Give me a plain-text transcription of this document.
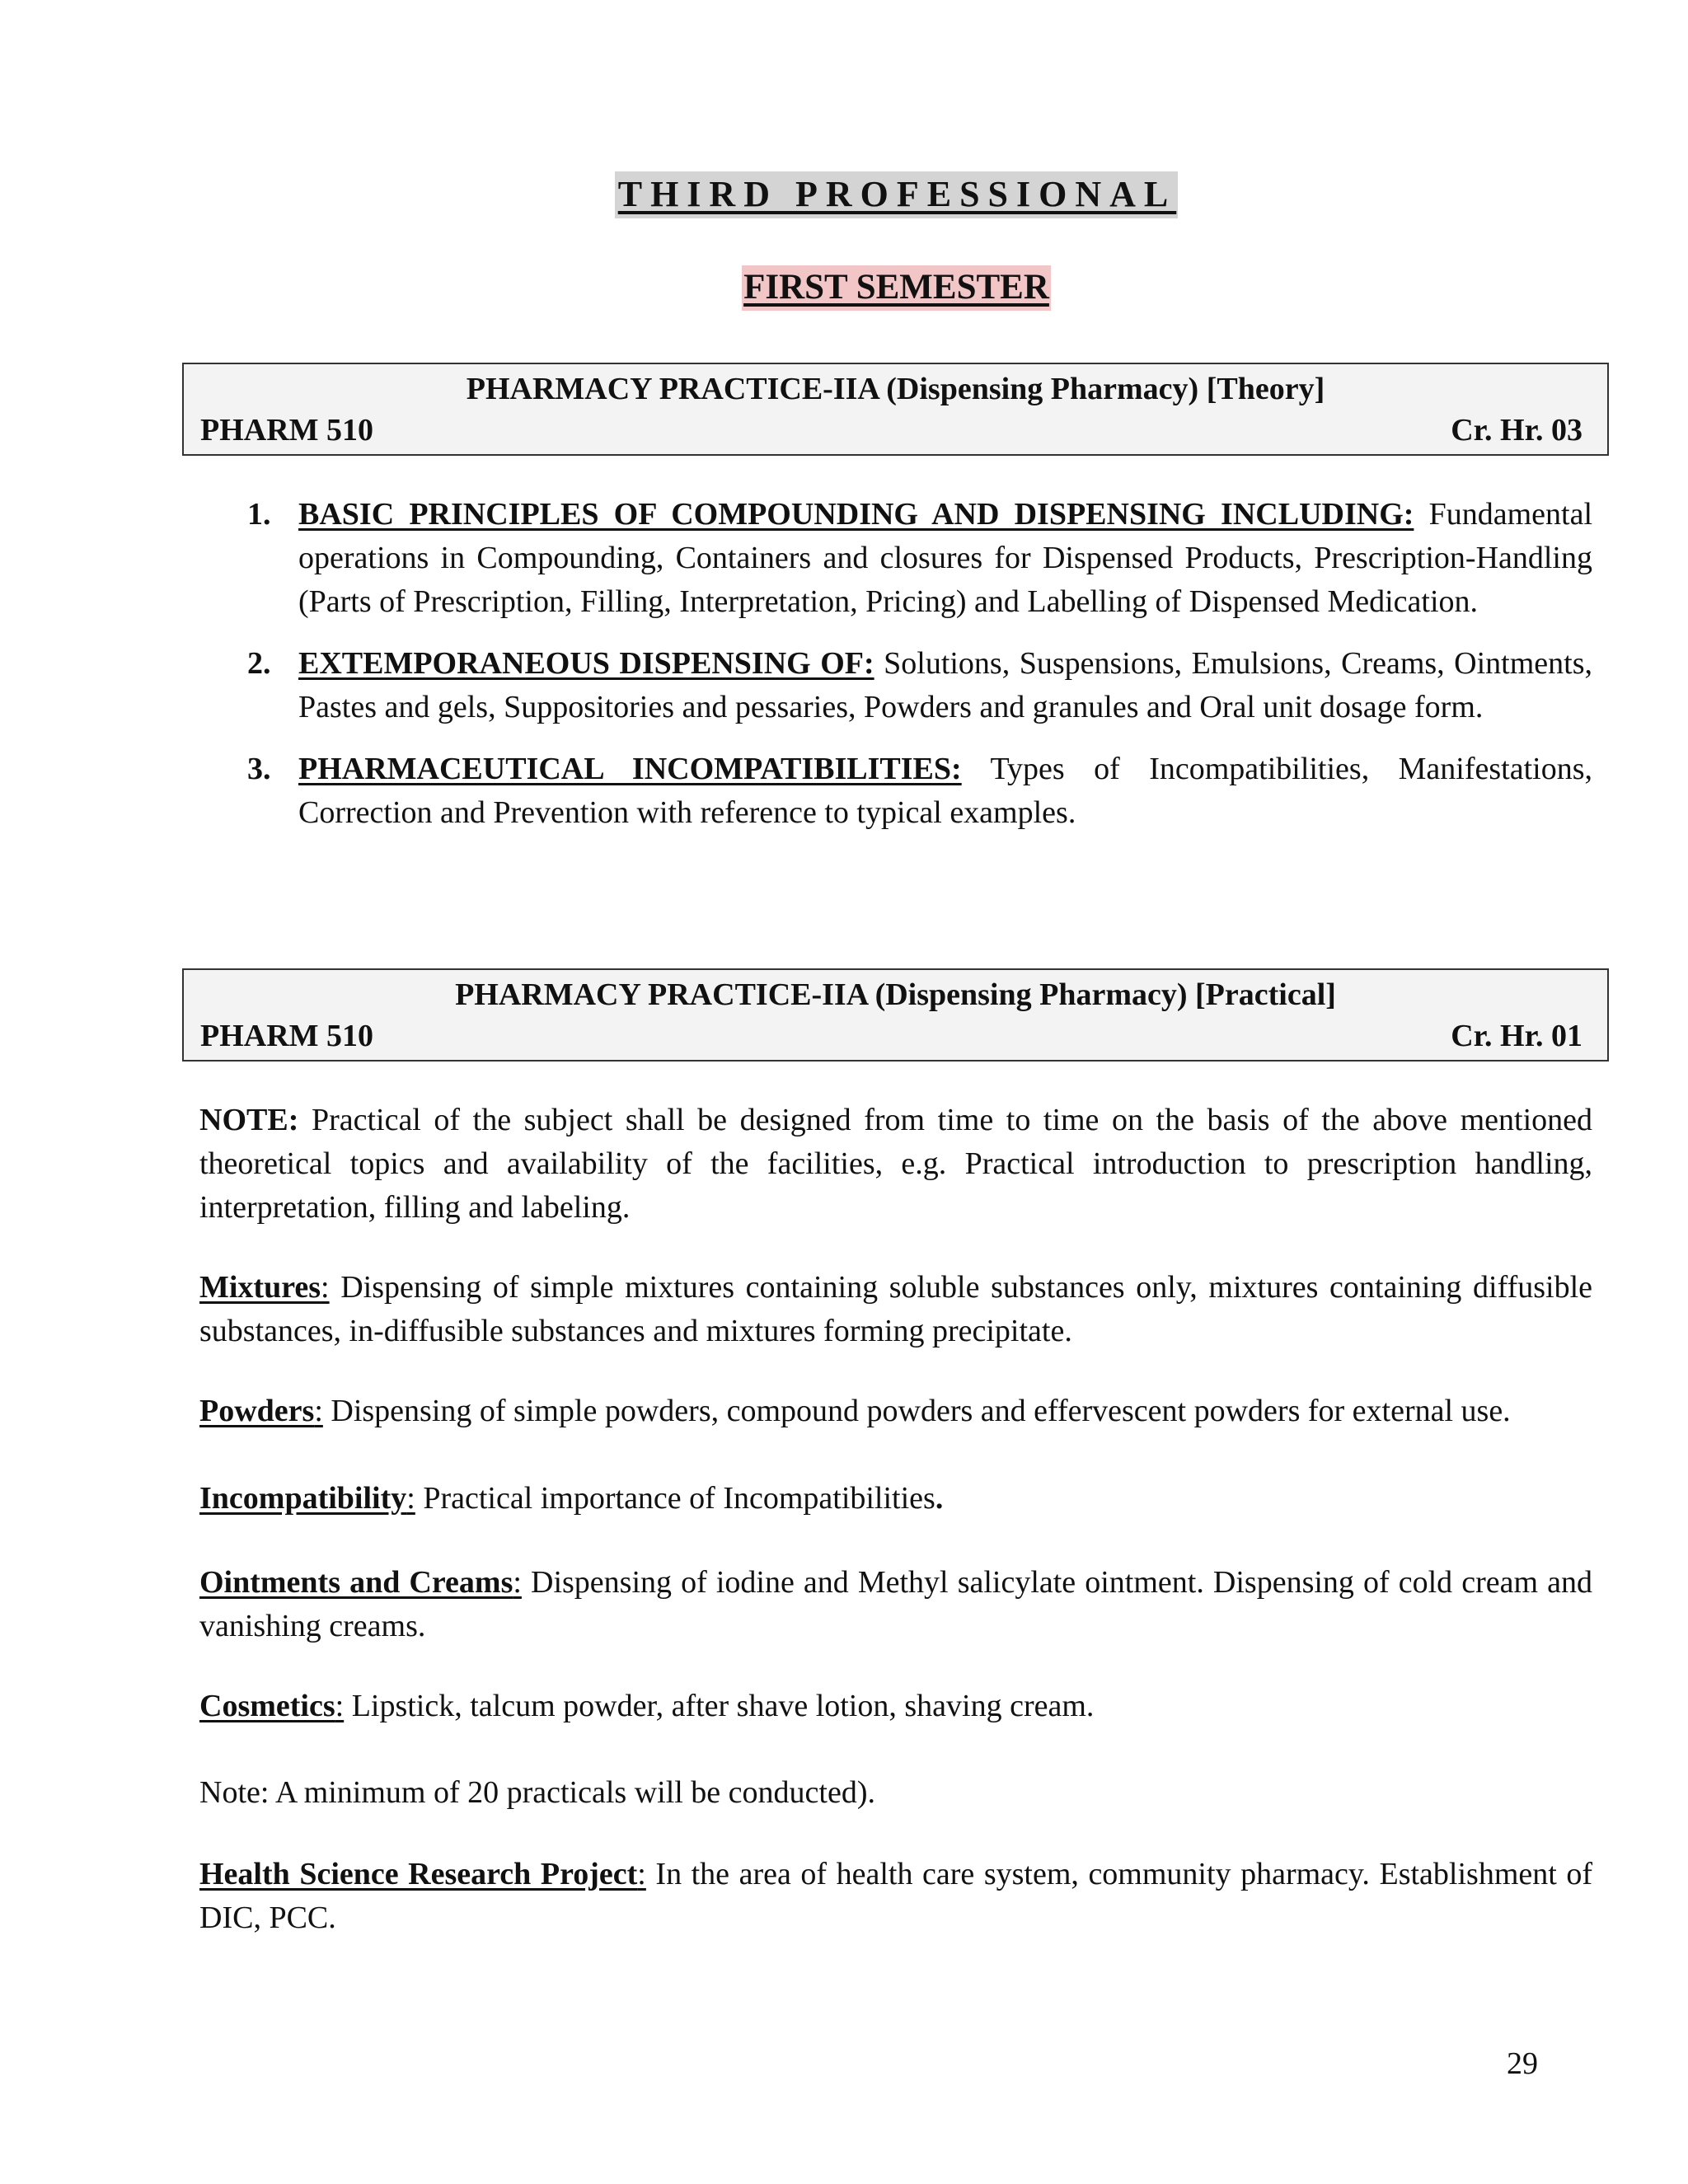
THIRD PROFESSIONAL
FIRST SEMESTER
PHARMACY PRACTICE-IIA (Dispensing Pharmacy) [Theory]
PHARM 510	Cr. Hr. 03
1. BASIC PRINCIPLES OF COMPOUNDING AND DISPENSING INCLUDING: Fundamental operations in Compounding, Containers and closures for Dispensed Products, Prescription-Handling (Parts of Prescription, Filling, Interpretation, Pricing) and Labelling of Dispensed Medication.
2. EXTEMPORANEOUS DISPENSING OF: Solutions, Suspensions, Emulsions, Creams, Ointments, Pastes and gels, Suppositories and pessaries, Powders and granules and Oral unit dosage form.
3. PHARMACEUTICAL INCOMPATIBILITIES: Types of Incompatibilities, Manifestations, Correction and Prevention with reference to typical examples.
PHARMACY PRACTICE-IIA (Dispensing Pharmacy) [Practical]
PHARM 510	Cr. Hr. 01
NOTE: Practical of the subject shall be designed from time to time on the basis of the above mentioned theoretical topics and availability of the facilities, e.g. Practical introduction to prescription handling, interpretation, filling and labeling.
Mixtures: Dispensing of simple mixtures containing soluble substances only, mixtures containing diffusible substances, in-diffusible substances and mixtures forming precipitate.
Powders: Dispensing of simple powders, compound powders and effervescent powders for external use.
Incompatibility: Practical importance of Incompatibilities.
Ointments and Creams: Dispensing of iodine and Methyl salicylate ointment. Dispensing of cold cream and vanishing creams.
Cosmetics: Lipstick, talcum powder, after shave lotion, shaving cream.
Note: A minimum of 20 practicals will be conducted).
Health Science Research Project: In the area of health care system, community pharmacy. Establishment of DIC, PCC.
29
